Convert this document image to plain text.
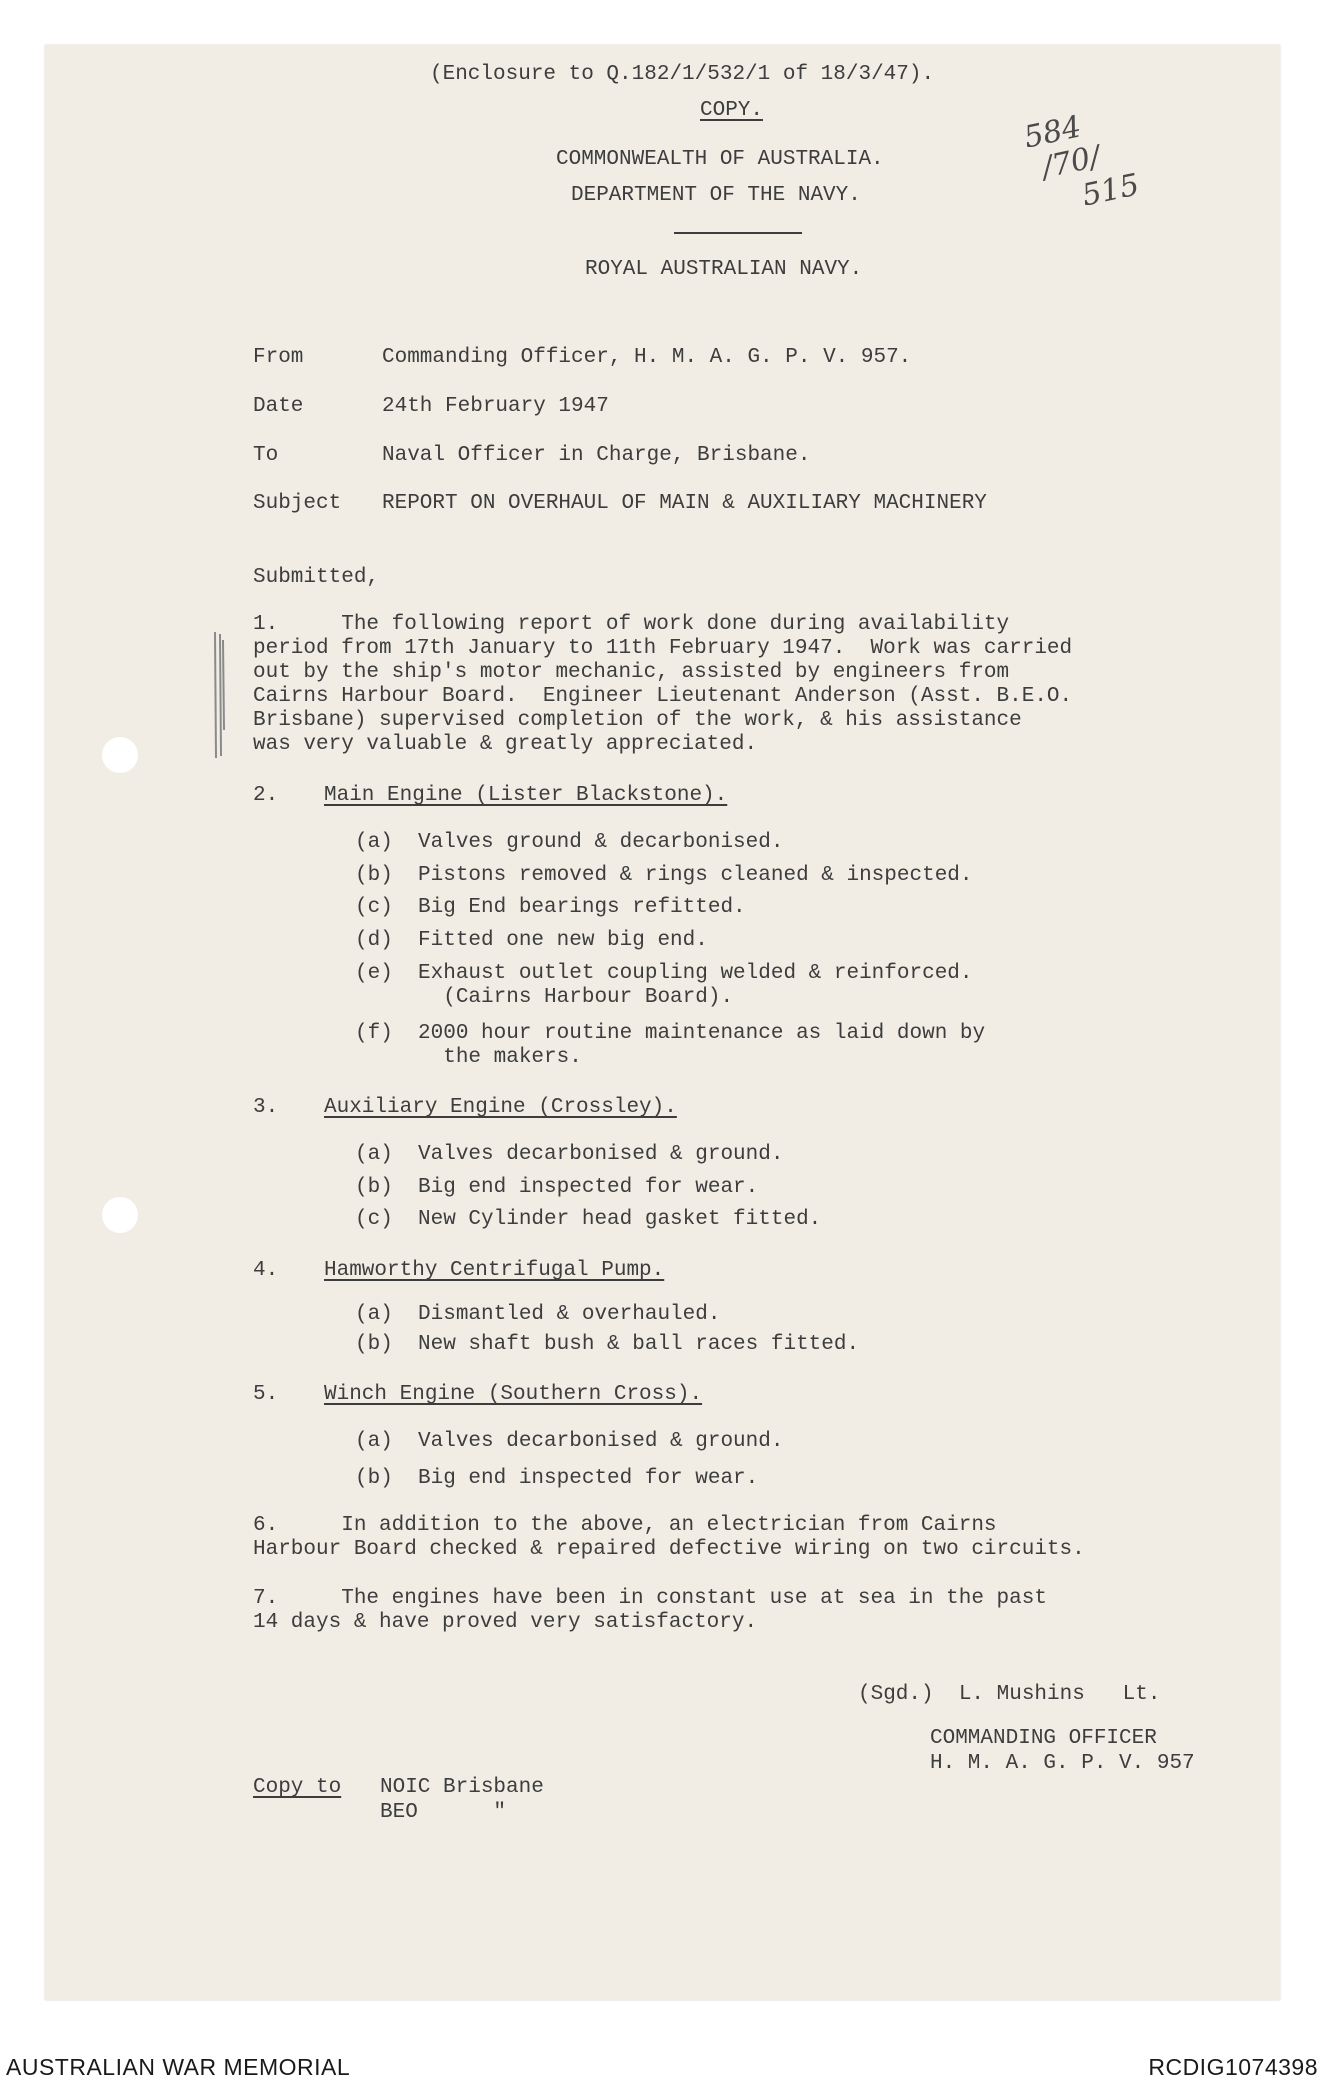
(Enclosure to Q.182/1/532/1 of 18/3/47).
COPY.
COMMONWEALTH OF AUSTRALIA.
DEPARTMENT OF THE NAVY.
ROYAL AUSTRALIAN NAVY.
584
/70/
515
From	Commanding Officer, H. M. A. G. P. V. 957.
Date	24th February 1947
To	Naval Officer in Charge, Brisbane.
Subject REPORT ON OVERHAUL OF MAIN & AUXILIARY MACHINERY
Submitted,
1.     The following report of work done during availability
period from 17th January to 11th February 1947.  Work was carried
out by the ship's motor mechanic, assisted by engineers from
Cairns Harbour Board.  Engineer Lieutenant Anderson (Asst. B.E.O.
Brisbane) supervised completion of the work, & his assistance
was very valuable & greatly appreciated.
2. Main Engine (Lister Blackstone).
(a)  Valves ground & decarbonised.
(b)  Pistons removed & rings cleaned & inspected.
(c)  Big End bearings refitted.
(d)  Fitted one new big end.
(e)  Exhaust outlet coupling welded & reinforced.
(Cairns Harbour Board).
(f)  2000 hour routine maintenance as laid down by
the makers.
3. Auxiliary Engine (Crossley).
(a)  Valves decarbonised & ground.
(b)  Big end inspected for wear.
(c)  New Cylinder head gasket fitted.
4. Hamworthy Centrifugal Pump.
(a)  Dismantled & overhauled.
(b)  New shaft bush & ball races fitted.
5. Winch Engine (Southern Cross).
(a)  Valves decarbonised & ground.
(b)  Big end inspected for wear.
6.     In addition to the above, an electrician from Cairns
Harbour Board checked & repaired defective wiring on two circuits.
7.     The engines have been in constant use at sea in the past
14 days & have proved very satisfactory.
(Sgd.)  L. Mushins   Lt.
COMMANDING OFFICER
H. M. A. G. P. V. 957
Copy to NOIC Brisbane
BEO      "
AUSTRALIAN WAR MEMORIAL	RCDIG1074398
